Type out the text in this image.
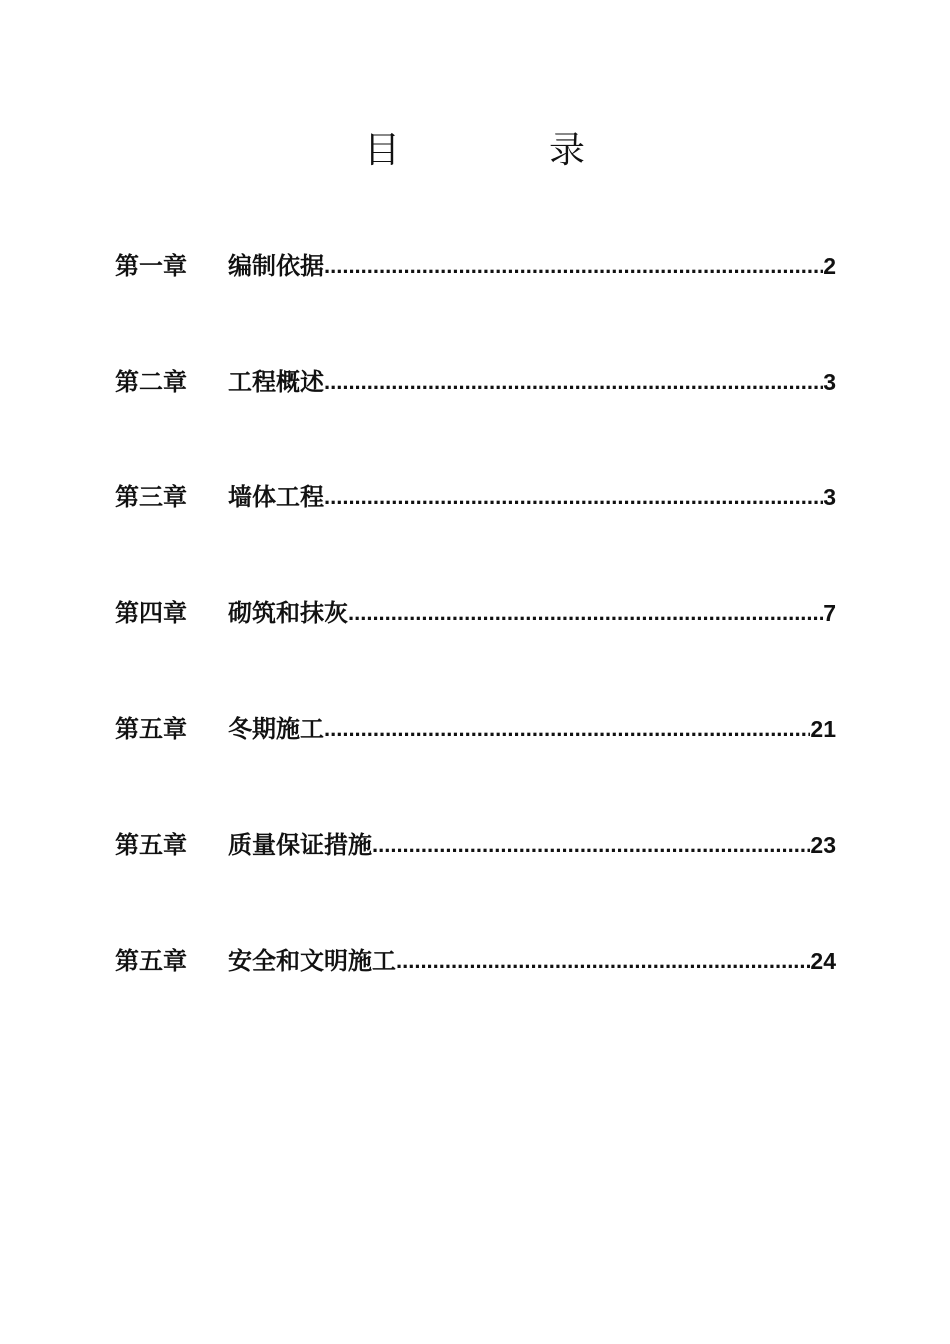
目	录
第一章	编制依据 .....	2
第二章	工程概述 .....	3
第三章	墙体工程 .....	3
第四章	砌筑和抹灰 .....	7
第五章	冬期施工 .....	21
第五章	质量保证措施 .....	23
第五章	安全和文明施工 .....	24
